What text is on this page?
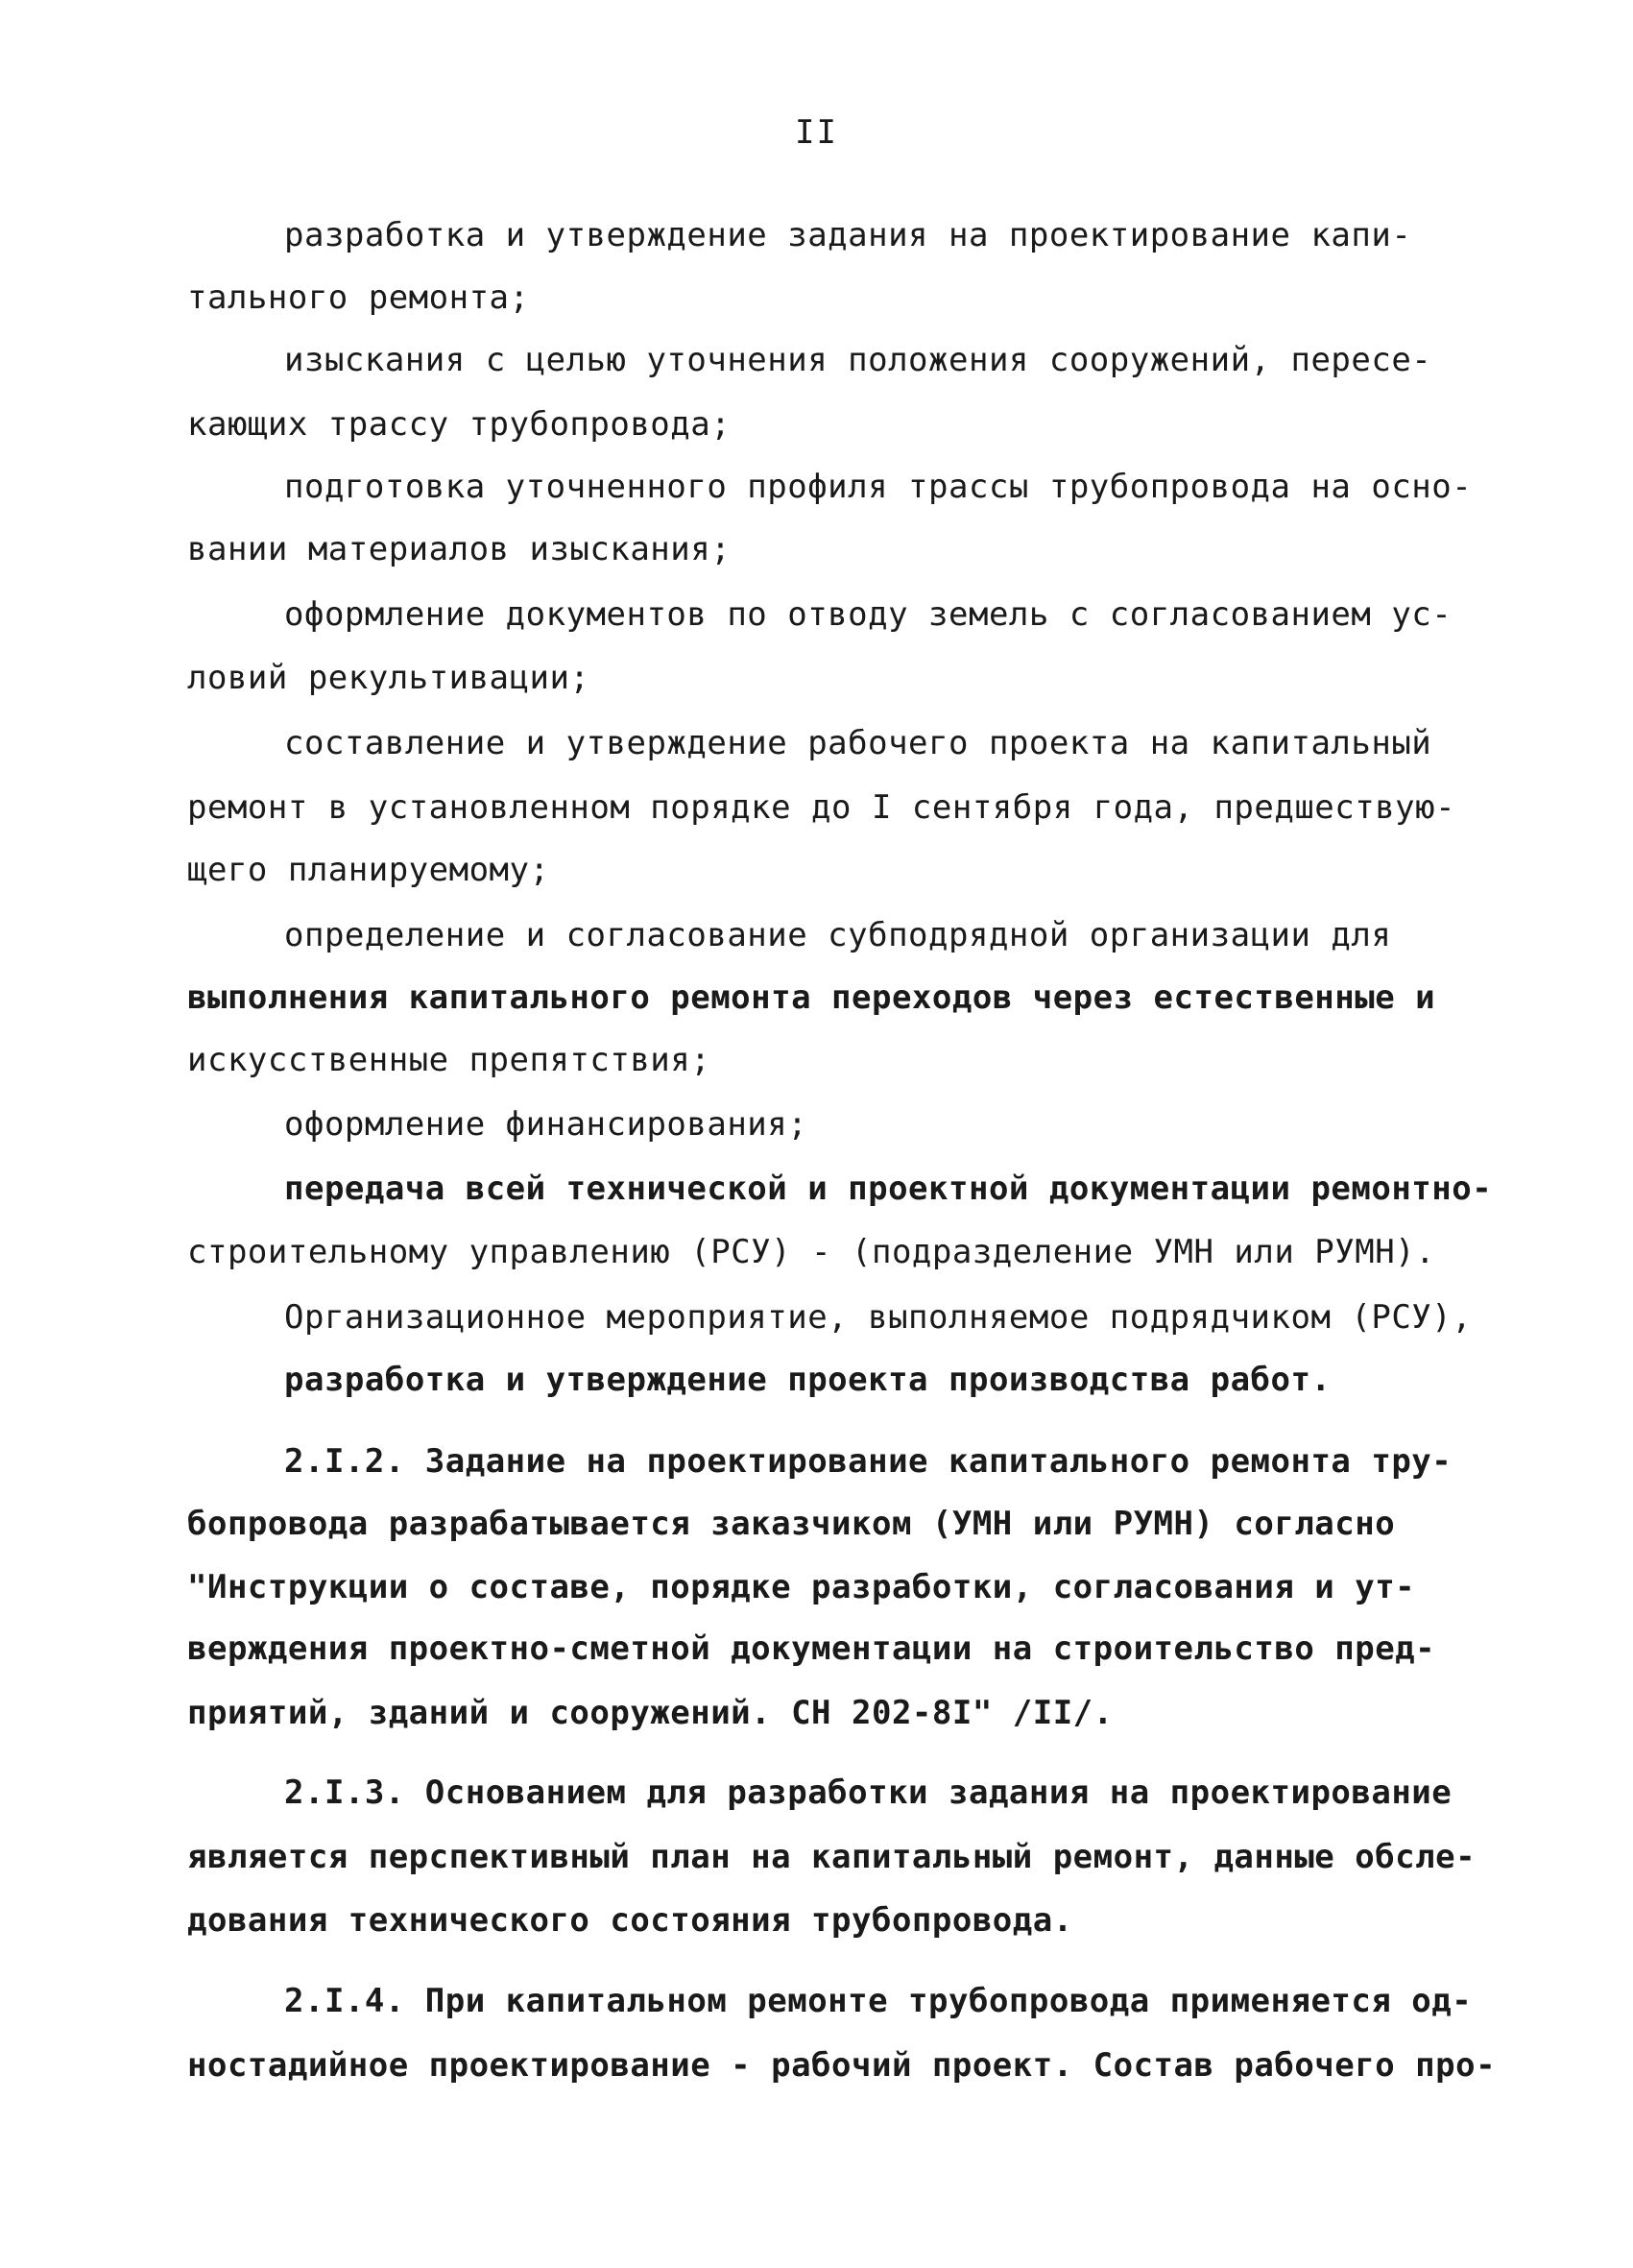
II
разработка и утверждение задания на проектирование капи-
тального ремонта;
изыскания с целью уточнения положения сооружений, пересе-
кающих трассу трубопровода;
подготовка уточненного профиля трассы трубопровода на осно-
вании материалов изыскания;
оформление документов по отводу земель с согласованием ус-
ловий рекультивации;
составление и утверждение рабочего проекта на капитальный
ремонт в установленном порядке до I сентября года, предшествую-
щего планируемому;
определение и согласование субподрядной организации для
выполнения капитального ремонта переходов через естественные и
искусственные препятствия;
оформление финансирования;
передача всей технической и проектной документации ремонтно-
строительному управлению (РСУ) - (подразделение УМН или РУМН).
Организационное мероприятие, выполняемое подрядчиком (РСУ),
разработка и утверждение проекта производства работ.
2.I.2. Задание на проектирование капитального ремонта тру-
бопровода разрабатывается заказчиком (УМН или РУМН) согласно
"Инструкции о составе, порядке разработки, согласования и ут-
верждения проектно-сметной документации на строительство пред-
приятий, зданий и сооружений. СН 202-8I" /II/.
2.I.3. Основанием для разработки задания на проектирование
является перспективный план на капитальный ремонт, данные обсле-
дования технического состояния трубопровода.
2.I.4. При капитальном ремонте трубопровода применяется од-
ностадийное проектирование - рабочий проект. Состав рабочего про-
